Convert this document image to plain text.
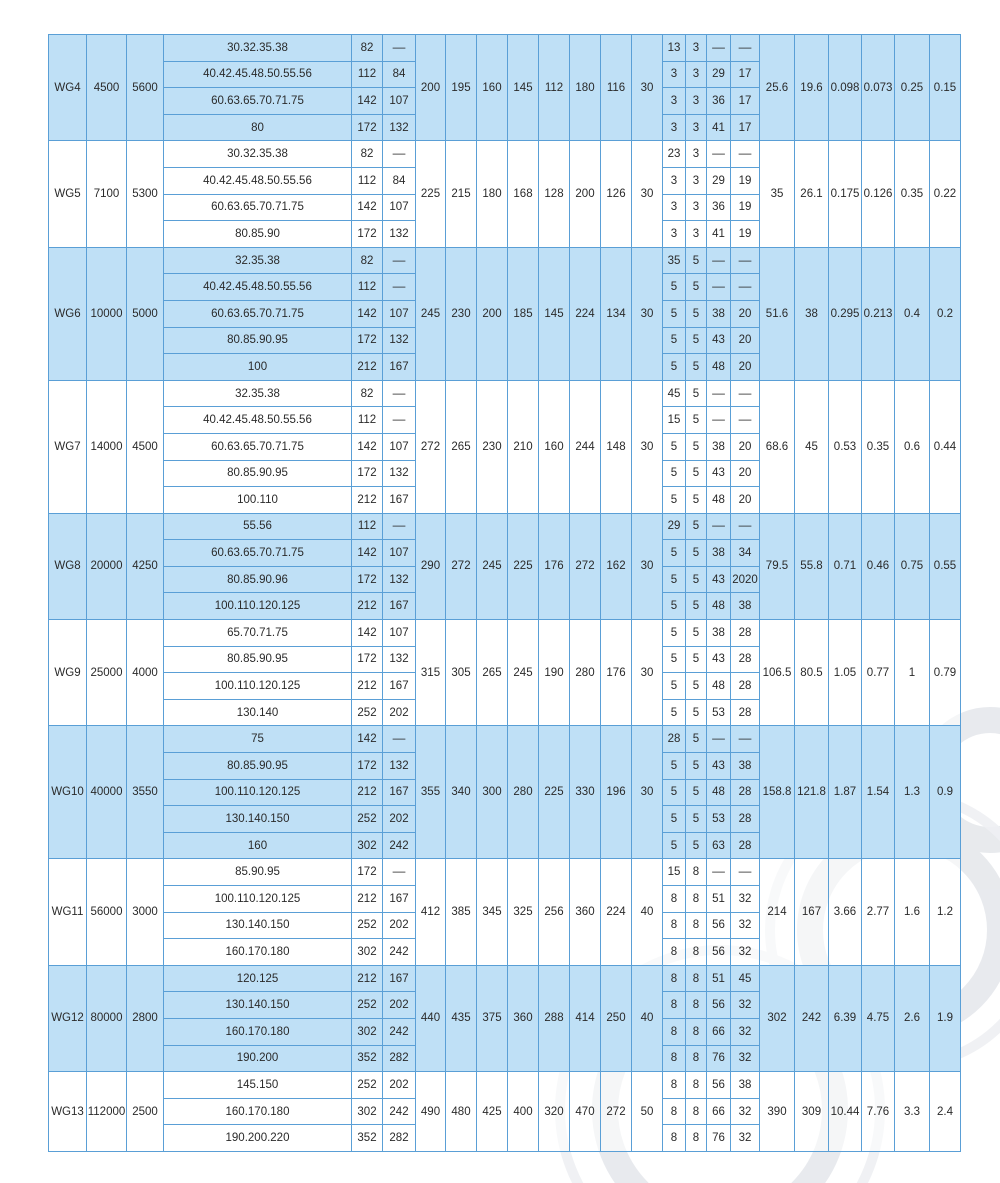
WG4	4500	5600	30.32.35.38	82	––	200	195	160	145	112	180	116	30	13	3	––	––	25.6	19.6	0.098	0.073	0.25	0.15
			40.42.45.48.50.55.56	112	84									3	3	29	17						
			60.63.65.70.71.75	142	107									3	3	36	17						
			80	172	132									3	3	41	17						
WG5	7100	5300	30.32.35.38	82	––	225	215	180	168	128	200	126	30	23	3	––	––	35	26.1	0.175	0.126	0.35	0.22
			40.42.45.48.50.55.56	112	84									3	3	29	19						
			60.63.65.70.71.75	142	107									3	3	36	19						
			80.85.90	172	132									3	3	41	19						
WG6	10000	5000	32.35.38	82	––	245	230	200	185	145	224	134	30	35	5	––	––	51.6	38	0.295	0.213	0.4	0.2
			40.42.45.48.50.55.56	112	––									5	5	––	––						
			60.63.65.70.71.75	142	107									5	5	38	20						
			80.85.90.95	172	132									5	5	43	20						
			100	212	167									5	5	48	20						
WG7	14000	4500	32.35.38	82	––	272	265	230	210	160	244	148	30	45	5	––	––	68.6	45	0.53	0.35	0.6	0.44
			40.42.45.48.50.55.56	112	––									15	5	––	––						
			60.63.65.70.71.75	142	107									5	5	38	20						
			80.85.90.95	172	132									5	5	43	20						
			100.110	212	167									5	5	48	20						
WG8	20000	4250	55.56	112	––	290	272	245	225	176	272	162	30	29	5	––	––	79.5	55.8	0.71	0.46	0.75	0.55
			60.63.65.70.71.75	142	107									5	5	38	34						
			80.85.90.96	172	132									5	5	43	2020						
			100.110.120.125	212	167									5	5	48	38						
WG9	25000	4000	65.70.71.75	142	107	315	305	265	245	190	280	176	30	5	5	38	28	106.5	80.5	1.05	0.77	1	0.79
			80.85.90.95	172	132									5	5	43	28						
			100.110.120.125	212	167									5	5	48	28						
			130.140	252	202									5	5	53	28						
WG10	40000	3550	75	142	––	355	340	300	280	225	330	196	30	28	5	––	––	158.8	121.8	1.87	1.54	1.3	0.9
			80.85.90.95	172	132									5	5	43	38						
			100.110.120.125	212	167									5	5	48	28						
			130.140.150	252	202									5	5	53	28						
			160	302	242									5	5	63	28						
WG11	56000	3000	85.90.95	172	––	412	385	345	325	256	360	224	40	15	8	––	––	214	167	3.66	2.77	1.6	1.2
			100.110.120.125	212	167									8	8	51	32						
			130.140.150	252	202									8	8	56	32						
			160.170.180	302	242									8	8	56	32						
WG12	80000	2800	120.125	212	167	440	435	375	360	288	414	250	40	8	8	51	45	302	242	6.39	4.75	2.6	1.9
			130.140.150	252	202									8	8	56	32						
			160.170.180	302	242									8	8	66	32						
			190.200	352	282									8	8	76	32						
WG13	112000	2500	145.150	252	202	490	480	425	400	320	470	272	50	8	8	56	38	390	309	10.44	7.76	3.3	2.4
			160.170.180	302	242									8	8	66	32						
			190.200.220	352	282									8	8	76	32						
